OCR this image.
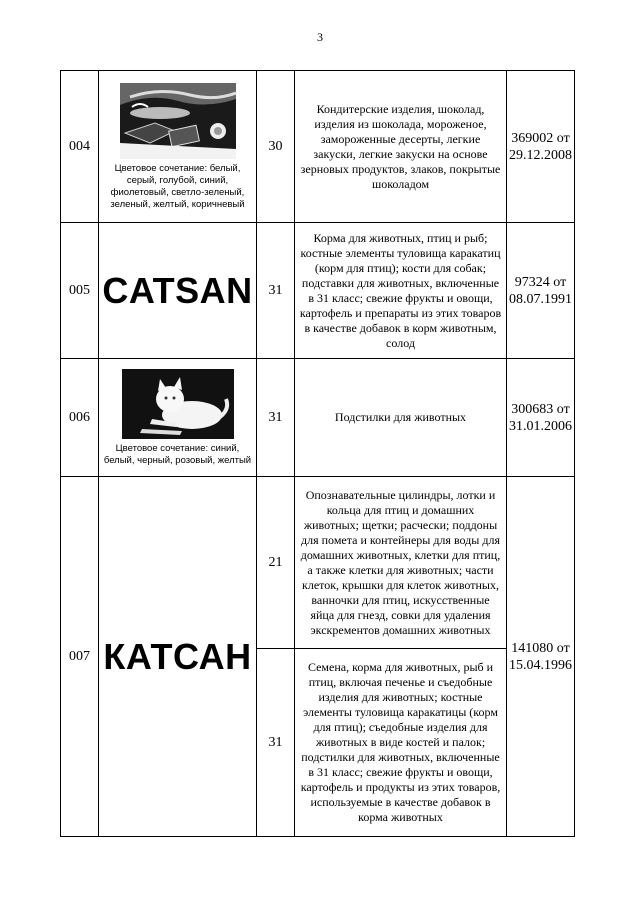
3
004	Цветовое сочетание: белый, серый, голубой, синий, фиолетовый, светло-зеленый, зеленый, желтый, коричневый	30	Кондитерские изделия, шоколад, изделия из шоколада, мороженое, замороженные десерты, легкие закуски, легкие закуски на основе зерновых продуктов, злаков, покрытые шоколадом	369002 от 29.12.2008
005	CATSAN	31	Корма для животных, птиц и рыб; костные элементы туловища каракатиц (корм для птиц); кости для собак; подставки для животных, включенные в 31 класс; свежие фрукты и овощи, картофель и препараты из этих товаров в качестве добавок в корм животным, солод	97324 от 08.07.1991
006	Цветовое сочетание: синий, белый, черный, розовый, желтый	31	Подстилки для животных	300683 от 31.01.2006
007	КАТСАН	21	Опознавательные цилиндры, лотки и кольца для птиц и домашних животных; щетки; расчески; поддоны для помета и контейнеры для воды для домашних животных, клетки для птиц, а также клетки для животных; части клеток, крышки для клеток животных, ванночки для птиц, искусственные яйца для гнезд, совки для удаления экскрементов домашних животных	141080 от 15.04.1996
		31	Семена, корма для животных, рыб и птиц, включая печенье и съедобные изделия для животных; костные элементы туловища каракатицы (корм для птиц); съедобные изделия для животных в виде костей и палок; подстилки для животных, включенные в 31 класс; свежие фрукты и овощи, картофель и продукты из этих товаров, используемые в качестве добавок в корма животных	
